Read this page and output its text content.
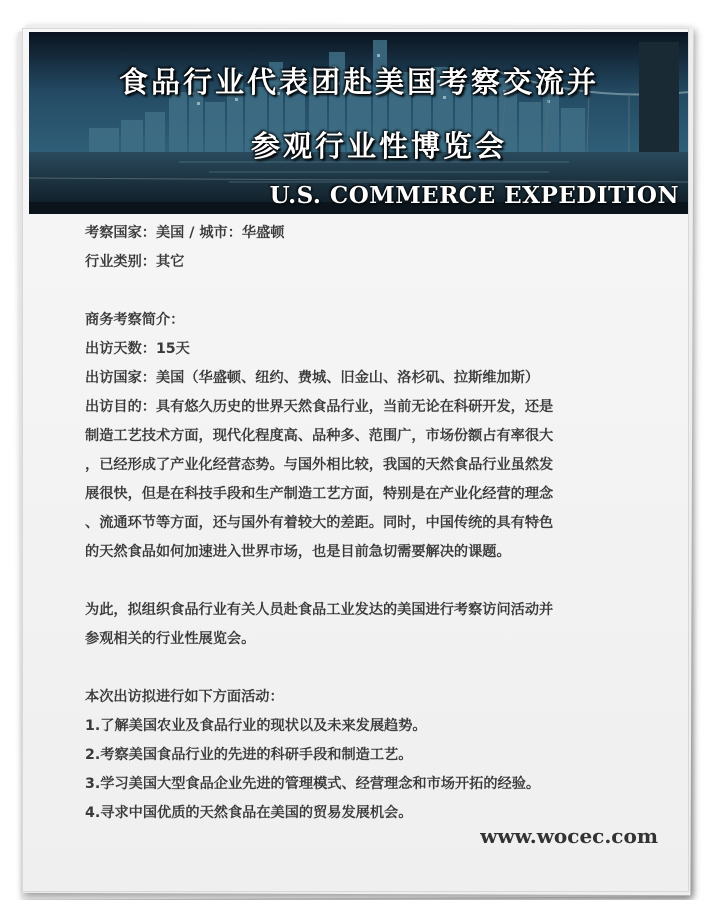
食品行业代表团赴美国考察交流并
参观行业性博览会
U.S. COMMERCE EXPEDITION
考察国家：美国 / 城市：华盛顿
行业类别：其它
商务考察简介：
出访天数：15天
出访国家：美国（华盛顿、纽约、费城、旧金山、洛杉矶、拉斯维加斯）
出访目的：具有悠久历史的世界天然食品行业，当前无论在科研开发，还是
制造工艺技术方面，现代化程度高、品种多、范围广，市场份额占有率很大
，已经形成了产业化经营态势。与国外相比较，我国的天然食品行业虽然发
展很快，但是在科技手段和生产制造工艺方面，特别是在产业化经营的理念
、流通环节等方面，还与国外有着较大的差距。同时，中国传统的具有特色
的天然食品如何加速进入世界市场，也是目前急切需要解决的课题。
为此，拟组织食品行业有关人员赴食品工业发达的美国进行考察访问活动并
参观相关的行业性展览会。
本次出访拟进行如下方面活动：
1.了解美国农业及食品行业的现状以及未来发展趋势。
2.考察美国食品行业的先进的科研手段和制造工艺。
3.学习美国大型食品企业先进的管理模式、经营理念和市场开拓的经验。
4.寻求中国优质的天然食品在美国的贸易发展机会。
www.wocec.com
